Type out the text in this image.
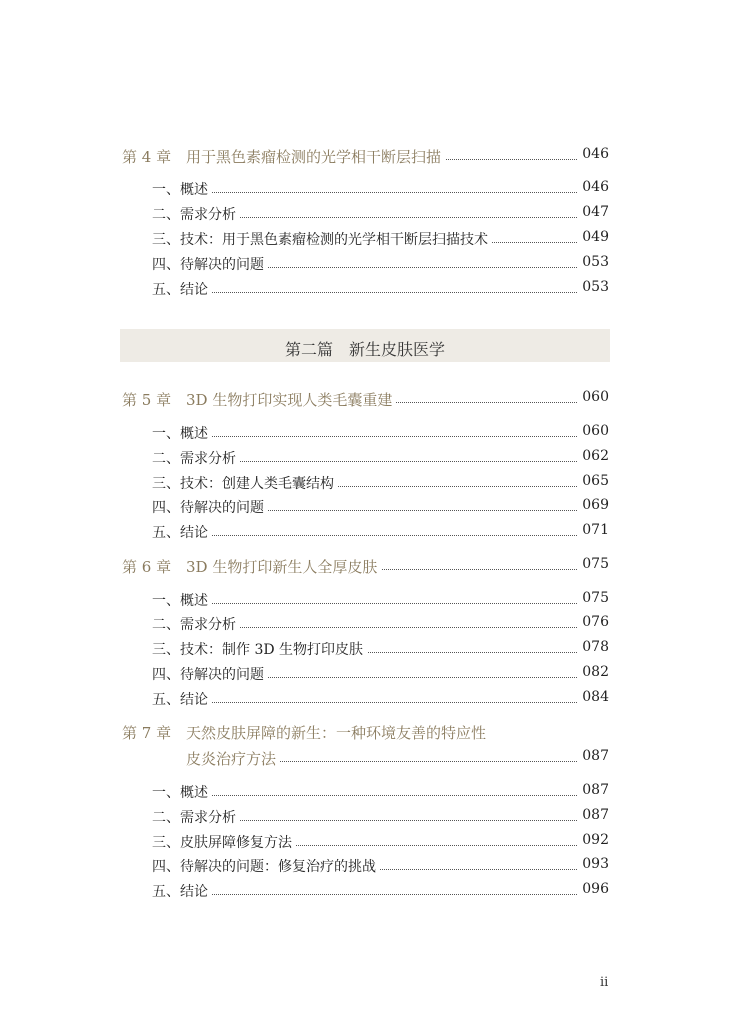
第 4 章 用于黑色素瘤检测的光学相干断层扫描	046
一、概述	046
二、需求分析	047
三、技术：用于黑色素瘤检测的光学相干断层扫描技术	049
四、待解决的问题	053
五、结论	053
第二篇　新生皮肤医学
第 5 章 3D 生物打印实现人类毛囊重建	060
一、概述	060
二、需求分析	062
三、技术：创建人类毛囊结构	065
四、待解决的问题	069
五、结论	071
第 6 章 3D 生物打印新生人全厚皮肤	075
一、概述	075
二、需求分析	076
三、技术：制作 3D 生物打印皮肤	078
四、待解决的问题	082
五、结论	084
第 7 章 天然皮肤屏障的新生：一种环境友善的特应性
皮炎治疗方法	087
一、概述	087
二、需求分析	087
三、皮肤屏障修复方法	092
四、待解决的问题：修复治疗的挑战	093
五、结论	096
ii
